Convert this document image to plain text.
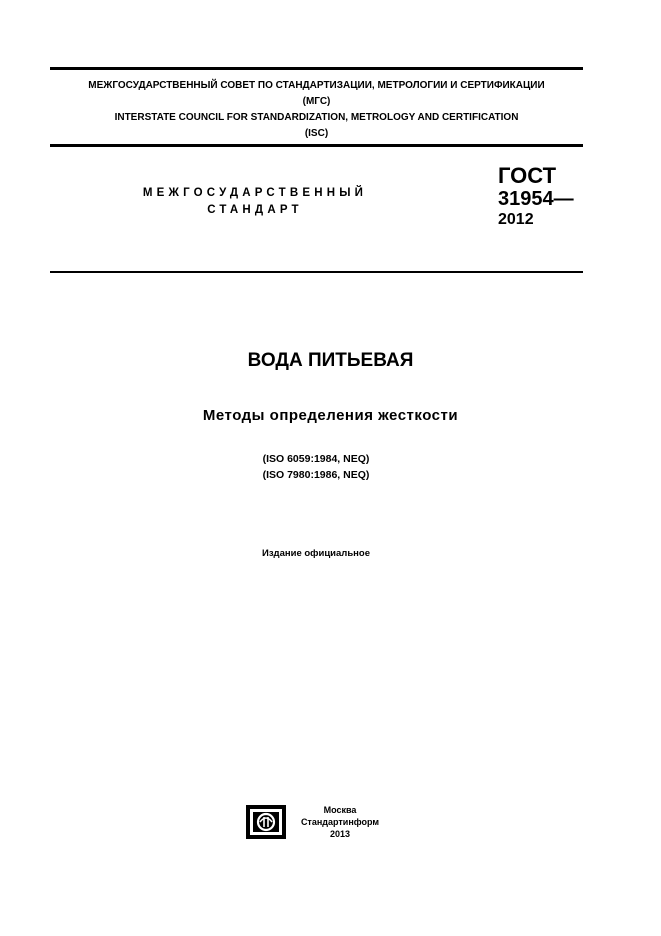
МЕЖГОСУДАРСТВЕННЫЙ СОВЕТ ПО СТАНДАРТИЗАЦИИ, МЕТРОЛОГИИ И СЕРТИФИКАЦИИ
(МГС)
INTERSTATE COUNCIL FOR STANDARDIZATION, METROLOGY AND CERTIFICATION
(ISC)
МЕЖГОСУДАРСТВЕННЫЙ
СТАНДАРТ
ГОСТ
31954—
2012
ВОДА ПИТЬЕВАЯ
Методы определения жесткости
(ISO 6059:1984, NEQ)
(ISO 7980:1986, NEQ)
Издание официальное
Москва
Стандартинформ
2013
